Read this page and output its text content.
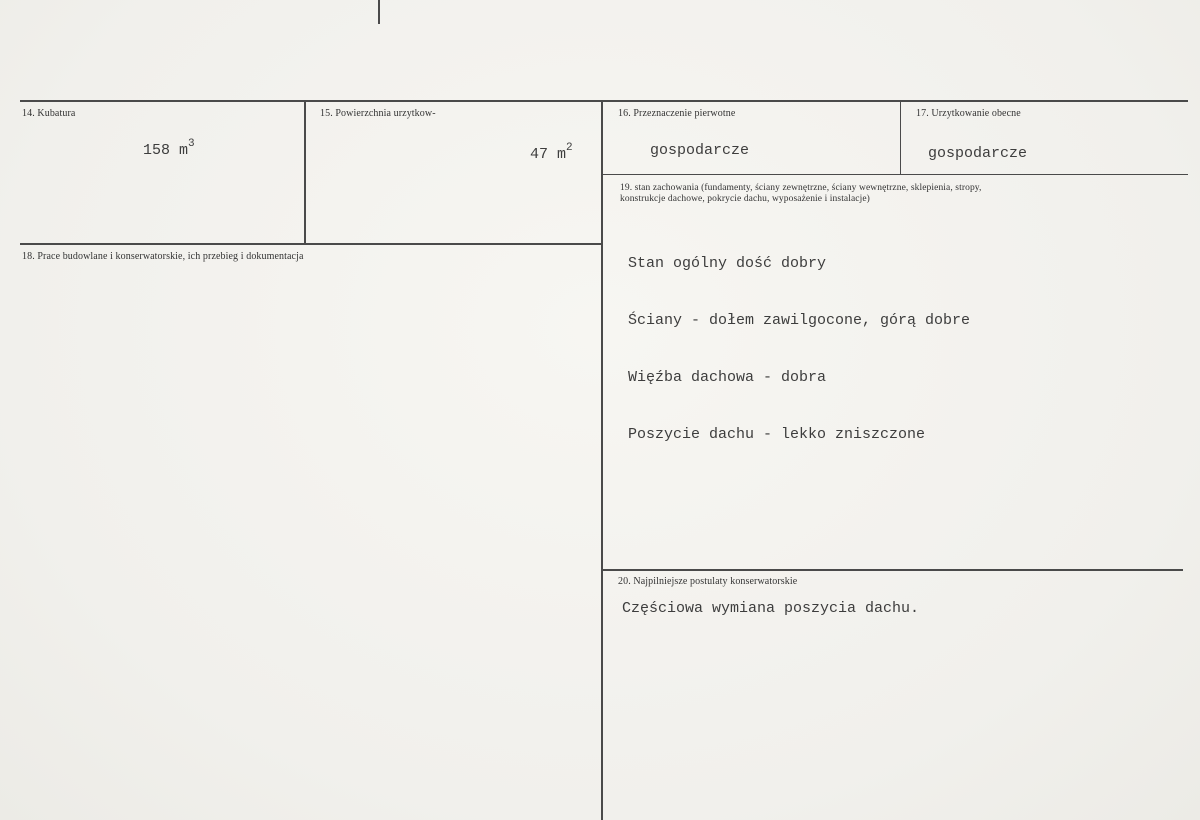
14. Kubatura
158 $m^3$
15. Powierzchnia urzytkow-
47 $m^2$
16. Przeznaczenie pierwotne
gospodarcze
17. Urzytkowanie obecne
gospodarcze
18. Prace budowlane i konserwatorskie, ich przebieg i dokumentacja
19. stan zachowania (fundamenty, ściany zewnętrzne, ściany wewnętrzne, sklepienia, stropy,
konstrukcje dachowe, pokrycie dachu, wyposażenie i instalacje)

Stan ogólny dość dobry

Ściany - dołem zawilgocone, górą dobre

Więźba dachowa - dobra

Poszycie dachu - lekko zniszczone

20. Najpilniejsze postulaty konserwatorskie
Częściowa wymiana poszycia dachu.
